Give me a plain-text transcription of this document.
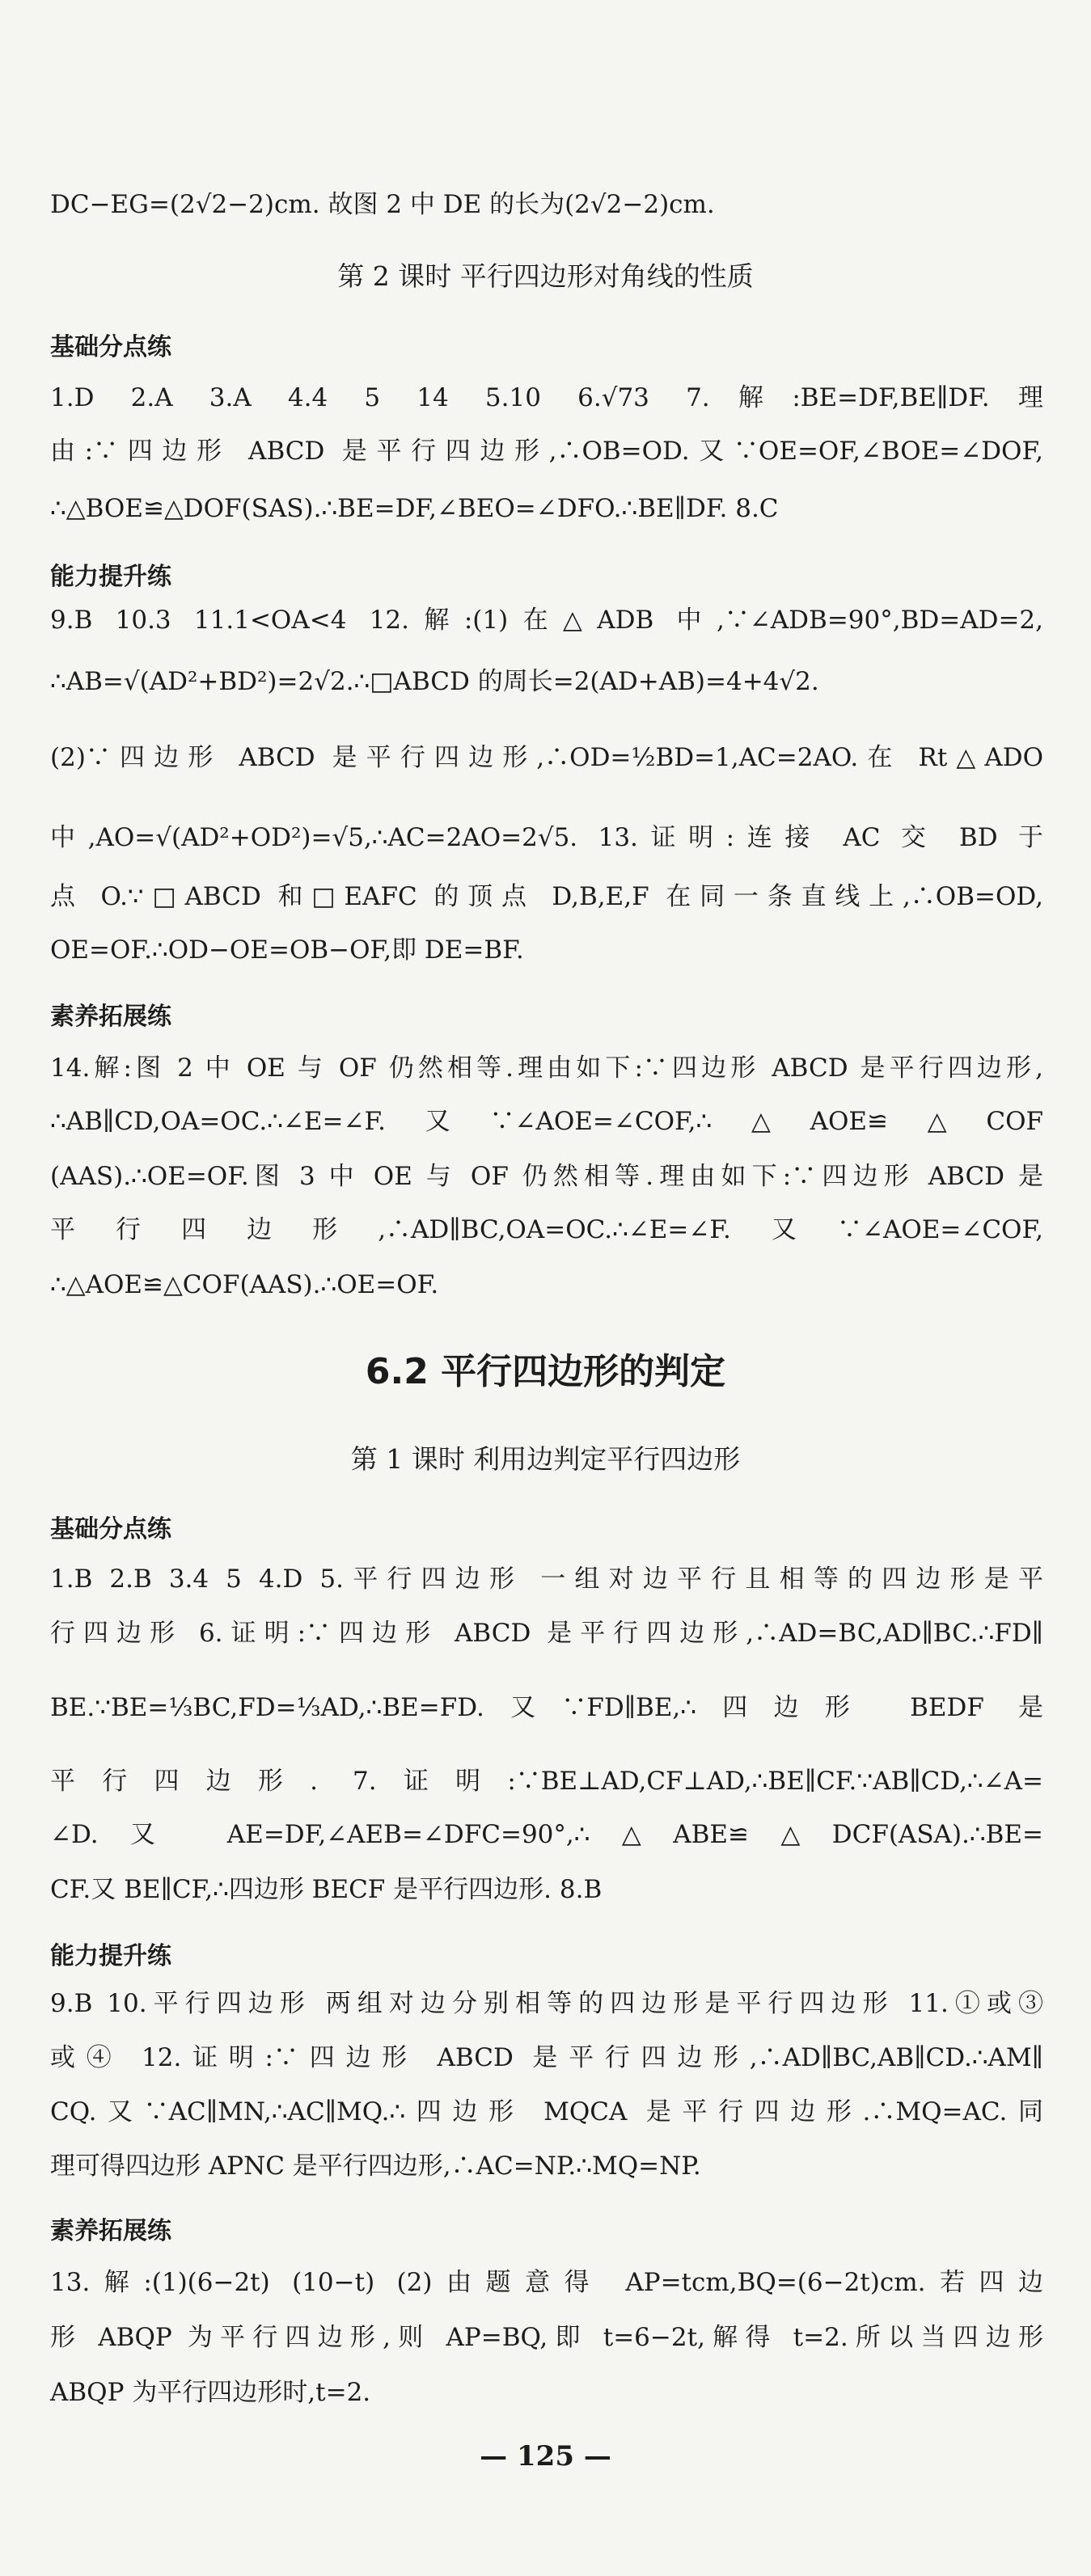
DC−EG=(2√2−2)cm. 故图 2 中 DE 的长为(2√2−2)cm.
第 2 课时 平行四边形对角线的性质
基础分点练
1.D 2.A 3.A 4.4 5 14 5.10 6.√73 7.解:BE=DF,BE∥DF.理
由:∵四边形 ABCD 是平行四边形,∴OB=OD.又∵OE=OF,∠BOE=∠DOF,
∴△BOE≌△DOF(SAS).∴BE=DF,∠BEO=∠DFO.∴BE∥DF. 8.C
能力提升练
9.B 10.3 11.1<OA<4 12.解:(1)在△ADB 中,∵∠ADB=90°,BD=AD=2,
∴AB=√(AD²+BD²)=2√2.∴□ABCD 的周长=2(AD+AB)=4+4√2.
(2)∵四边形 ABCD 是平行四边形,∴OD=½BD=1,AC=2AO.在 Rt△ADO
中,AO=√(AD²+OD²)=√5,∴AC=2AO=2√5. 13.证明:连接 AC 交 BD 于
点 O.∵□ABCD 和□EAFC 的顶点 D,B,E,F 在同一条直线上,∴OB=OD,
OE=OF.∴OD−OE=OB−OF,即 DE=BF.
素养拓展练
14.解:图 2 中 OE 与 OF 仍然相等.理由如下:∵四边形 ABCD 是平行四边形,
∴AB∥CD,OA=OC.∴∠E=∠F.又∵∠AOE=∠COF,∴△AOE≌△COF
(AAS).∴OE=OF.图 3 中 OE 与 OF 仍然相等.理由如下:∵四边形 ABCD 是
平行四边形,∴AD∥BC,OA=OC.∴∠E=∠F.又∵∠AOE=∠COF,
∴△AOE≌△COF(AAS).∴OE=OF.
6.2 平行四边形的判定
第 1 课时 利用边判定平行四边形
基础分点练
1.B 2.B 3.4 5 4.D 5.平行四边形 一组对边平行且相等的四边形是平
行四边形 6.证明:∵四边形 ABCD 是平行四边形,∴AD=BC,AD∥BC.∴FD∥
BE.∵BE=⅓BC,FD=⅓AD,∴BE=FD.又∵FD∥BE,∴四边形 BEDF 是
平行四边形. 7.证明:∵BE⊥AD,CF⊥AD,∴BE∥CF.∵AB∥CD,∴∠A=
∠D.又 AE=DF,∠AEB=∠DFC=90°,∴△ABE≌△DCF(ASA).∴BE=
CF.又 BE∥CF,∴四边形 BECF 是平行四边形. 8.B
能力提升练
9.B 10.平行四边形 两组对边分别相等的四边形是平行四边形 11.①或③
或④ 12.证明:∵四边形 ABCD 是平行四边形,∴AD∥BC,AB∥CD.∴AM∥
CQ.又∵AC∥MN,∴AC∥MQ.∴四边形 MQCA 是平行四边形.∴MQ=AC.同
理可得四边形 APNC 是平行四边形,∴AC=NP.∴MQ=NP.
素养拓展练
13.解:(1)(6−2t) (10−t) (2)由题意得 AP=tcm,BQ=(6−2t)cm.若四边
形 ABQP 为平行四边形,则 AP=BQ,即 t=6−2t,解得 t=2.所以当四边形
ABQP 为平行四边形时,t=2.
— 125 —
